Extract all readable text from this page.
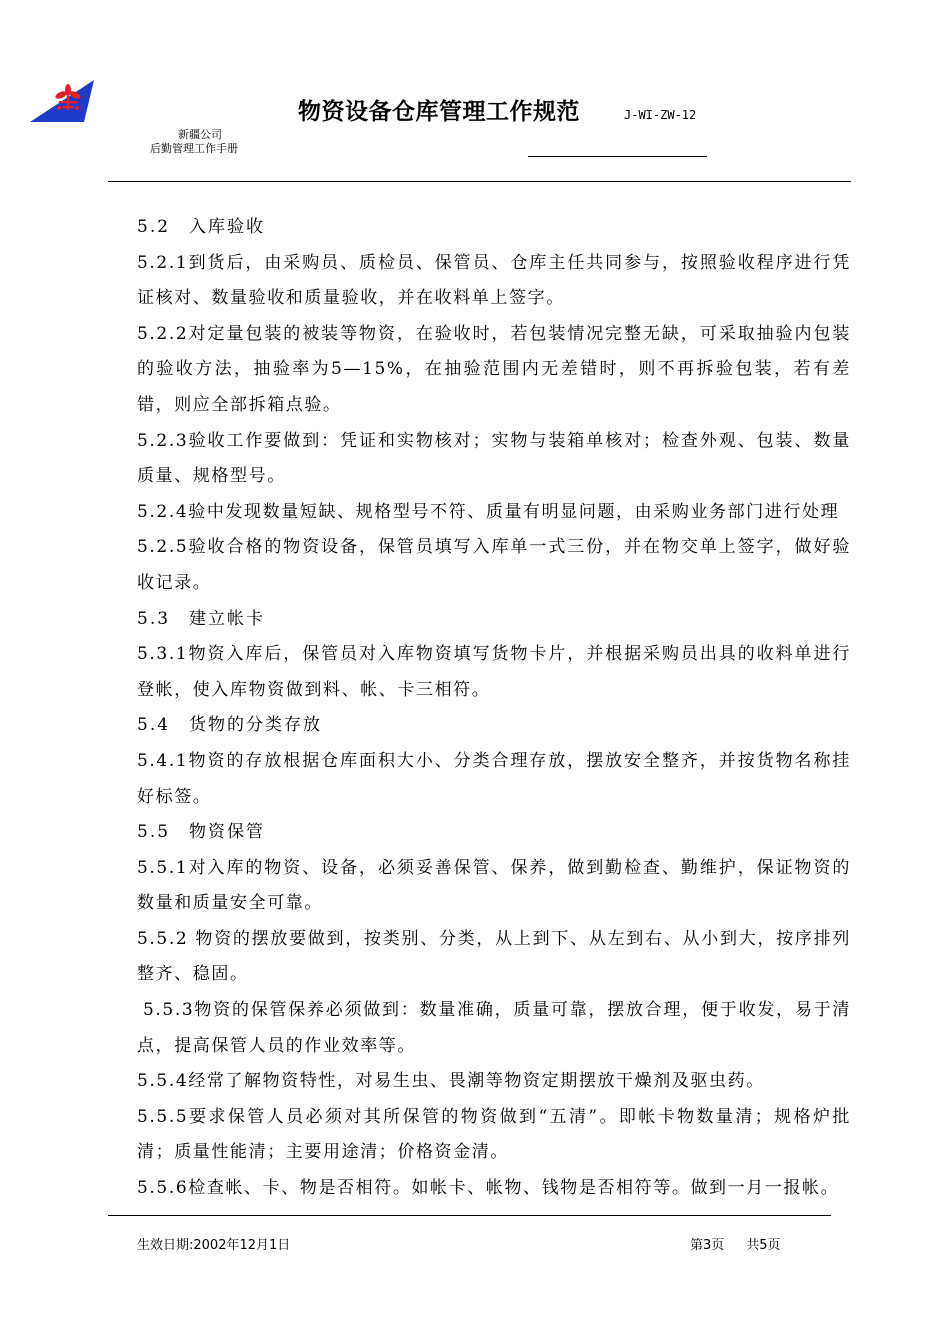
物资设备仓库管理工作规范	J-WI-ZW-12
新疆公司
后勤管理工作手册

5.2　入库验收

5.2.1到货后，由采购员、质检员、保管员、仓库主任共同参与，按照验收程序进行凭证核对、数量验收和质量验收，并在收料单上签字。

5.2.2对定量包装的被装等物资，在验收时，若包装情况完整无缺，可采取抽验内包装的验收方法，抽验率为5—15%，在抽验范围内无差错时，则不再拆验包装，若有差错，则应全部拆箱点验。

5.2.3验收工作要做到：凭证和实物核对；实物与装箱单核对；检查外观、包装、数量质量、规格型号。

5.2.4验中发现数量短缺、规格型号不符、质量有明显问题，由采购业务部门进行处理

5.2.5验收合格的物资设备，保管员填写入库单一式三份，并在物交单上签字，做好验收记录。

5.3　建立帐卡

5.3.1物资入库后，保管员对入库物资填写货物卡片，并根据采购员出具的收料单进行登帐，使入库物资做到料、帐、卡三相符。

5.4　货物的分类存放

5.4.1物资的存放根据仓库面积大小、分类合理存放，摆放安全整齐，并按货物名称挂好标签。

5.5　物资保管

5.5.1对入库的物资、设备，必须妥善保管、保养，做到勤检查、勤维护，保证物资的数量和质量安全可靠。

5.5.2 物资的摆放要做到，按类别、分类，从上到下、从左到右、从小到大，按序排列整齐、稳固。

5.5.3物资的保管保养必须做到：数量准确，质量可靠，摆放合理，便于收发，易于清点，提高保管人员的作业效率等。

5.5.4经常了解物资特性，对易生虫、畏潮等物资定期摆放干燥剂及驱虫药。

5.5.5要求保管人员必须对其所保管的物资做到“五清”。即帐卡物数量清；规格炉批清；质量性能清；主要用途清；价格资金清。

5.5.6检查帐、卡、物是否相符。如帐卡、帐物、钱物是否相符等。做到一月一报帐。

生效日期:2002年12月1日	第3页 共5页
